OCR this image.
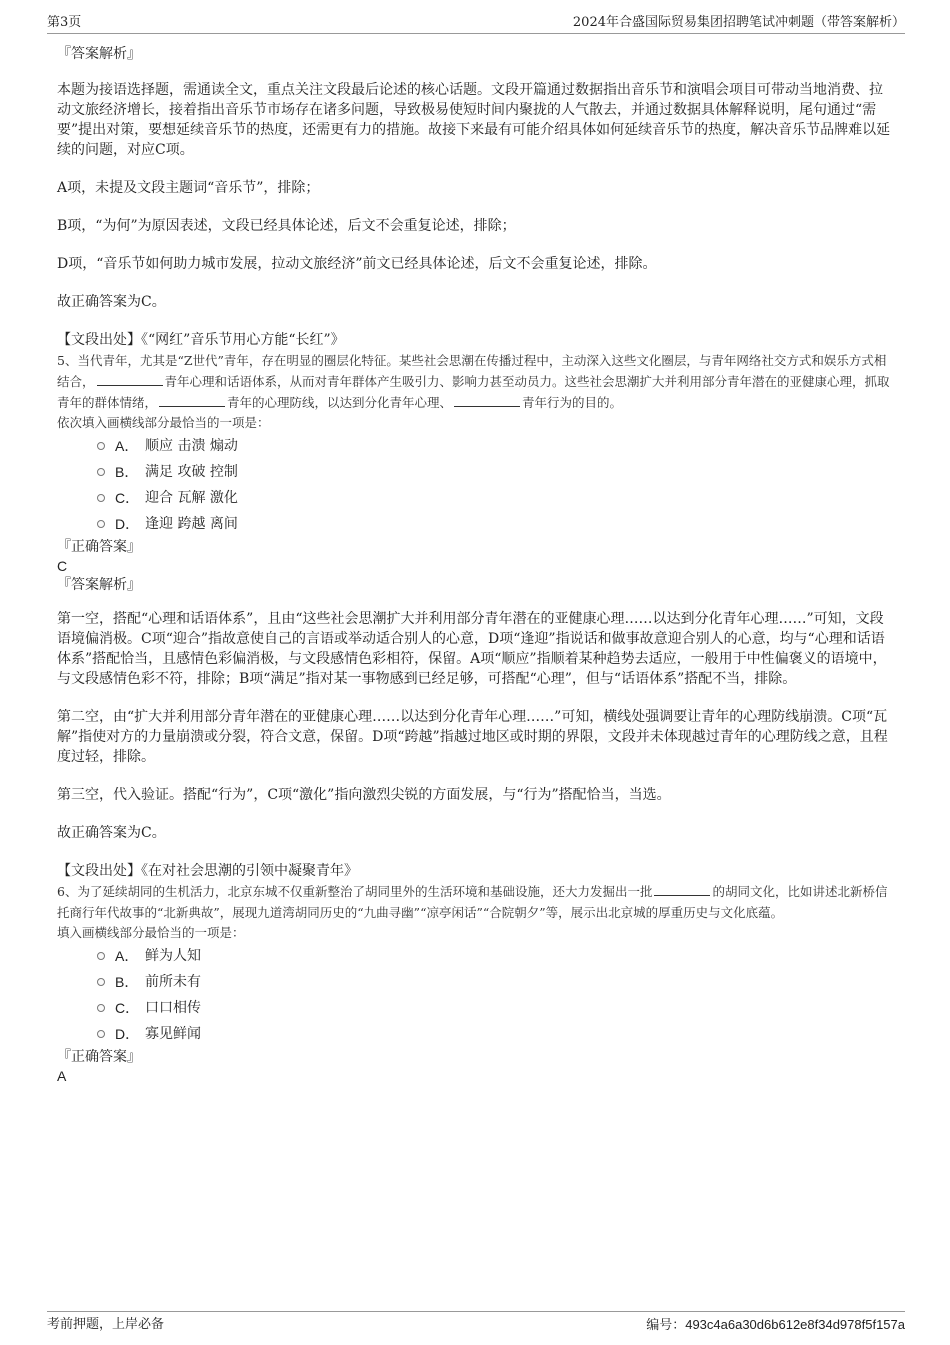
第3页	2024年合盛国际贸易集团招聘笔试冲刺题（带答案解析）

『答案解析』

本题为接语选择题，需通读全文，重点关注文段最后论述的核心话题。文段开篇通过数据指出音乐节和演唱会项目可带动当地消费、拉动文旅经济增长，接着指出音乐节市场存在诸多问题，导致极易使短时间内聚拢的人气散去，并通过数据具体解释说明，尾句通过“需要”提出对策，要想延续音乐节的热度，还需更有力的措施。故接下来最有可能介绍具体如何延续音乐节的热度，解决音乐节品牌难以延续的问题，对应C项。

A项，未提及文段主题词“音乐节”，排除；

B项，“为何”为原因表述，文段已经具体论述，后文不会重复论述，排除；

D项，“音乐节如何助力城市发展，拉动文旅经济”前文已经具体论述，后文不会重复论述，排除。

故正确答案为C。

【文段出处】《“网红”音乐节用心方能“长红”》

5、当代青年，尤其是“Z世代”青年，存在明显的圈层化特征。某些社会思潮在传播过程中，主动深入这些文化圈层，与青年网络社交方式和娱乐方式相结合，	青年心理和话语体系，从而对青年群体产生吸引力、影响力甚至动员力。这些社会思潮扩大并利用部分青年潜在的亚健康心理，抓取青年的群体情绪，	青年的心理防线，以达到分化青年心理、	青年行为的目的。

依次填入画横线部分最恰当的一项是：

A． 顺应 击溃 煽动
B． 满足 攻破 控制
C． 迎合 瓦解 激化
D． 逢迎 跨越 离间

『正确答案』

C

『答案解析』

第一空，搭配“心理和话语体系”，且由“这些社会思潮扩大并利用部分青年潜在的亚健康心理……以达到分化青年心理……”可知，文段语境偏消极。C项“迎合”指故意使自己的言语或举动适合别人的心意，D项“逢迎”指说话和做事故意迎合别人的心意，均与“心理和话语体系”搭配恰当，且感情色彩偏消极，与文段感情色彩相符，保留。A项“顺应”指顺着某种趋势去适应，一般用于中性偏褒义的语境中，与文段感情色彩不符，排除；B项“满足”指对某一事物感到已经足够，可搭配“心理”，但与“话语体系”搭配不当，排除。

第二空，由“扩大并利用部分青年潜在的亚健康心理……以达到分化青年心理……”可知，横线处强调要让青年的心理防线崩溃。C项“瓦解”指使对方的力量崩溃或分裂，符合文意，保留。D项“跨越”指越过地区或时期的界限，文段并未体现越过青年的心理防线之意，且程度过轻，排除。

第三空，代入验证。搭配“行为”，C项“激化”指向激烈尖锐的方面发展，与“行为”搭配恰当，当选。

故正确答案为C。

【文段出处】《在对社会思潮的引领中凝聚青年》

6、为了延续胡同的生机活力，北京东城不仅重新整治了胡同里外的生活环境和基础设施，还大力发掘出一批	的胡同文化，比如讲述北新桥信托商行年代故事的“北新典故”，展现九道湾胡同历史的“九曲寻幽”“凉亭闲话”“合院朝夕”等，展示出北京城的厚重历史与文化底蕴。

填入画横线部分最恰当的一项是：

A． 鲜为人知
B． 前所未有
C． 口口相传
D． 寡见鲜闻

『正确答案』

A

考前押题，上岸必备	编号：493c4a6a30d6b612e8f34d978f5f157a
